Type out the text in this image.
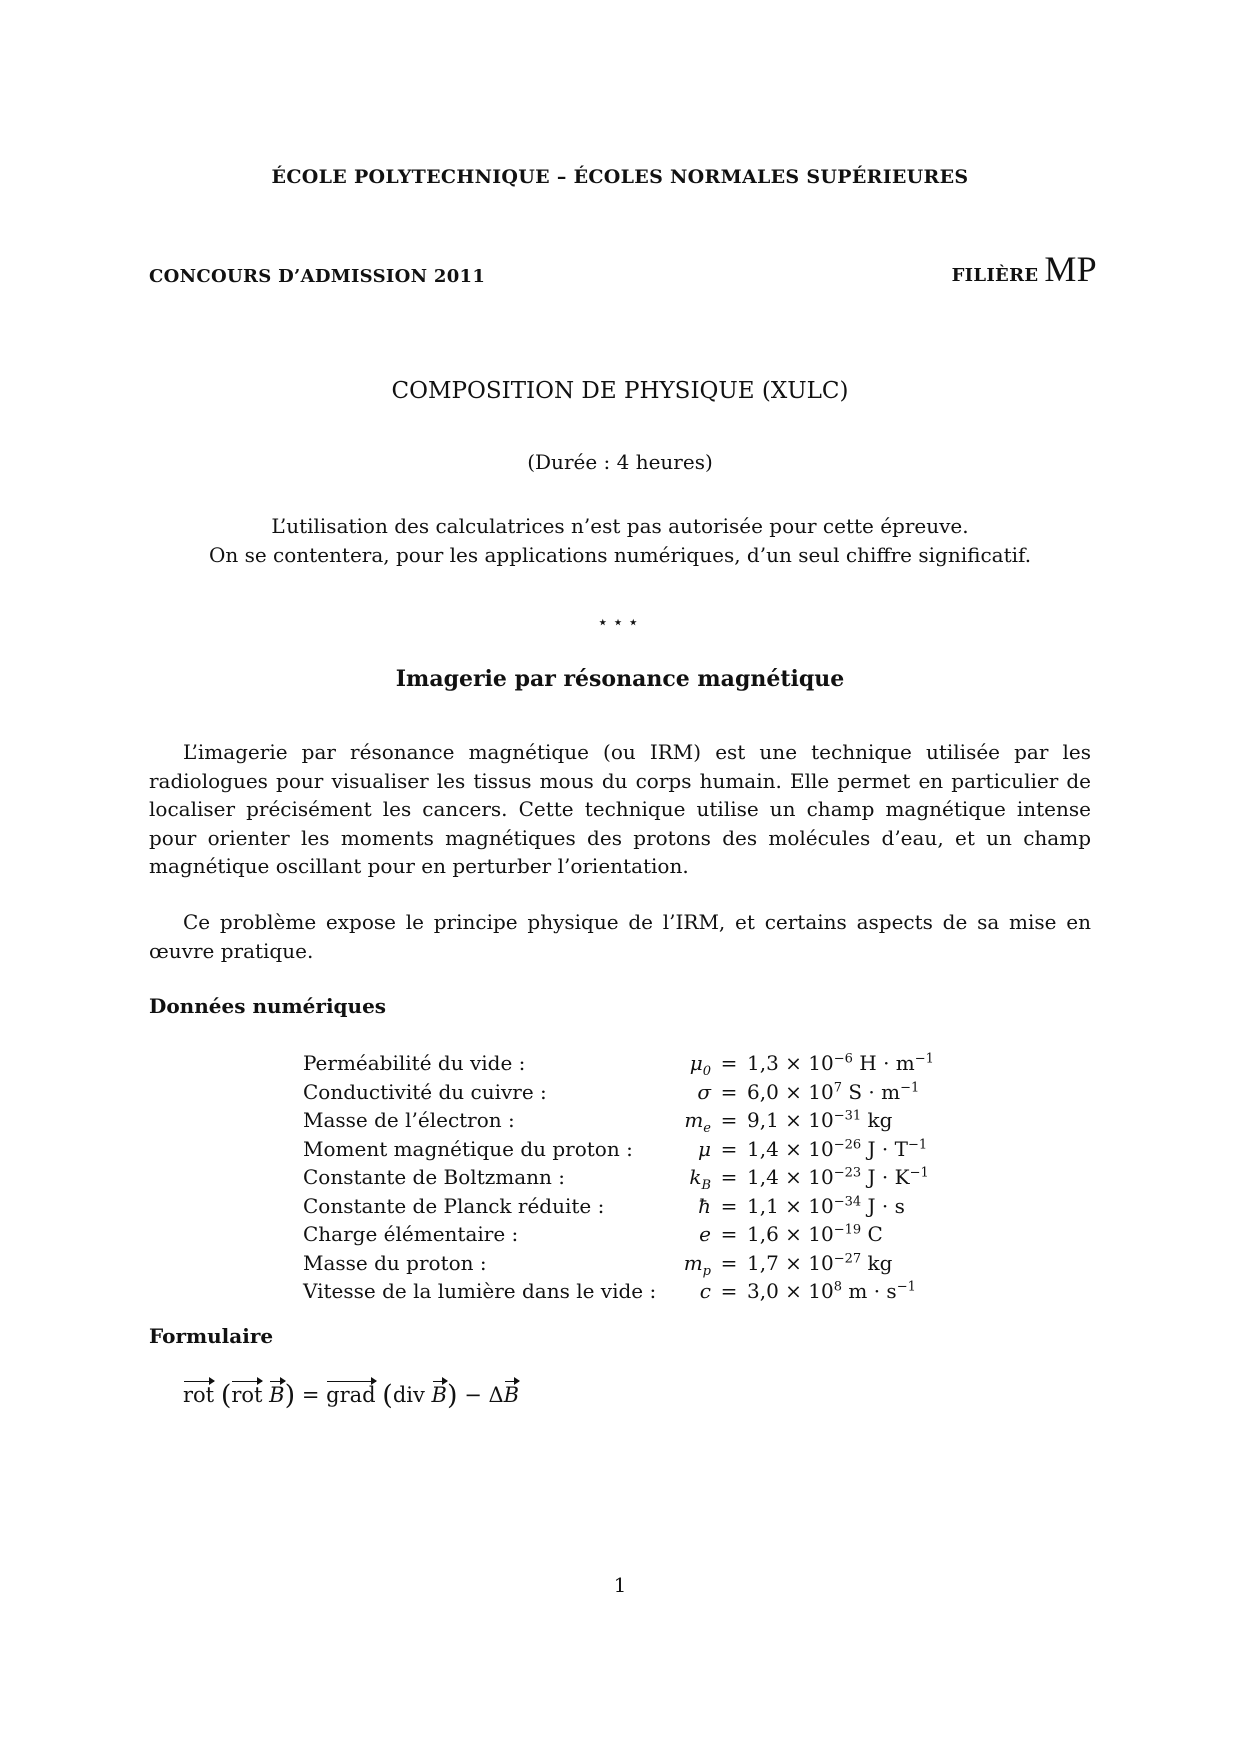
ÉCOLE POLYTECHNIQUE – ÉCOLES NORMALES SUPÉRIEURES
CONCOURS D’ADMISSION 2011	FILIÈRE MP
COMPOSITION DE PHYSIQUE (XULC)
(Durée : 4 heures)
L’utilisation des calculatrices n’est pas autorisée pour cette épreuve.
On se contentera, pour les applications numériques, d’un seul chiffre significatif.
⋆⋆⋆
Imagerie par résonance magnétique

L’imagerie par résonance magnétique (ou IRM) est une technique utilisée par les radiologues pour visualiser les tissus mous du corps humain. Elle permet en particulier de localiser précisément les cancers. Cette technique utilise un champ magnétique intense pour orienter les moments magnétiques des protons des molécules d’eau, et un champ magnétique oscillant pour en perturber l’orientation.

Ce problème expose le principe physique de l’IRM, et certains aspects de sa mise en œuvre pratique.

Données numériques
Perméabilité du vide :	$\mu_0$	=	$1,3 \times 10^{-6}$ $H \cdot m^{-1}$
Conductivité du cuivre :	σ	=	$6,0 \times 10^7$ $S \cdot m^{-1}$
Masse de l’électron :	$m_e$	=	$9,1 \times 10^{-31}$ kg
Moment magnétique du proton :	μ	=	$1,4 \times 10^{-26}$ $J \cdot T^{-1}$
Constante de Boltzmann :	$k_B$	=	$1,4 \times 10^{-23}$ $J \cdot K^{-1}$
Constante de Planck réduite :	ħ	=	$1,1 \times 10^{-34}$ J · s
Charge élémentaire :	e	=	$1,6 \times 10^{-19}$ C
Masse du proton :	$m_p$	=	$1,7 \times 10^{-27}$ kg
Vitesse de la lumière dans le vide :	c	=	$3,0 \times 10^8$ $m \cdot s^{-1}$
Formulaire
rot (rot B) = grad (div B) − ΔB
1
